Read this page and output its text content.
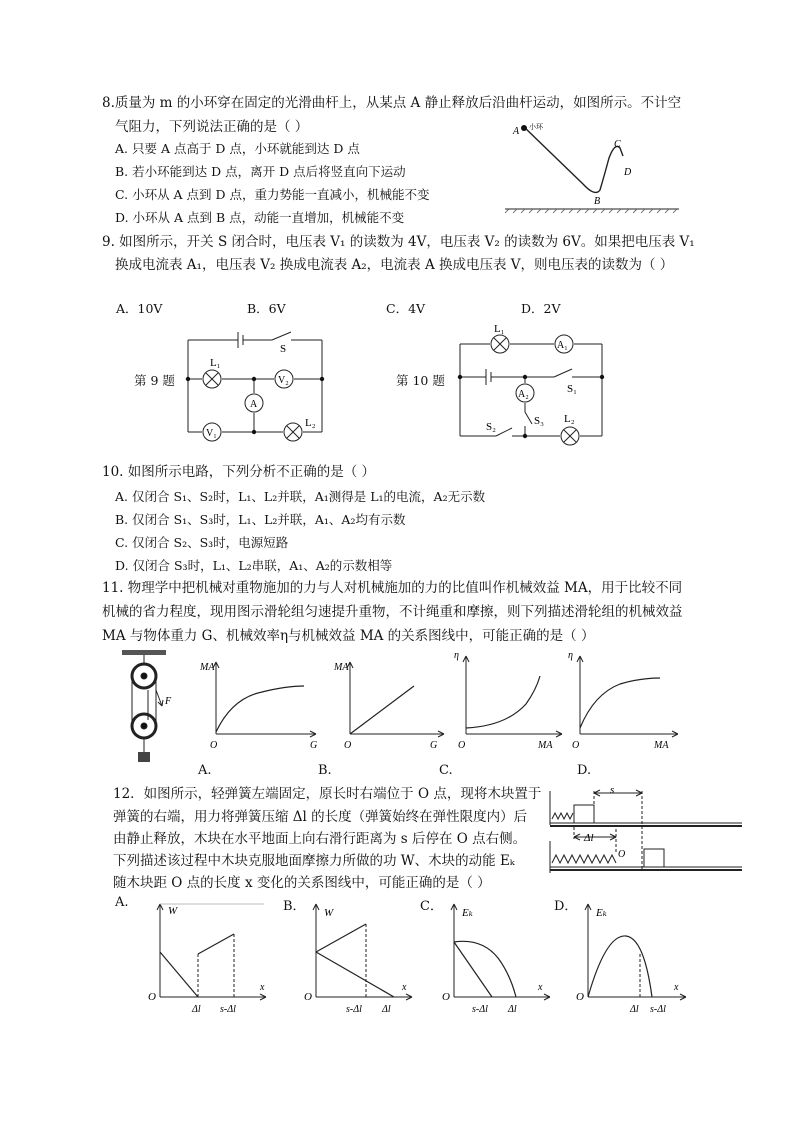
8.质量为 m 的小环穿在固定的光滑曲杆上，从某点 A 静止释放后沿曲杆运动，如图所示。不计空
气阻力，下列说法正确的是（ ）
A. 只要 A 点高于 D 点，小环就能到达 D 点
B. 若小环能到达 D 点，离开 D 点后将竖直向下运动
C. 小环从 A 点到 D 点，重力势能一直减小，机械能不变
D. 小环从 A 点到 B 点，动能一直增加，机械能不变
A 小环
B
C
D
9. 如图所示，开关 S 闭合时，电压表 V₁ 的读数为 4V，电压表 V₂ 的读数为 6V。如果把电压表 V₁
换成电流表 A₁，电压表 V₂ 换成电流表 A₂，电流表 A 换成电压表 V，则电压表的读数为（ ）
A．10V	B．6V	C．4V	D．2V
第 9 题
S
L₁
V₂
A
V₁
L₂
第 10 题
L₁
A₁
A₂	S₁
S₃
S₂
L₂
10. 如图所示电路，下列分析不正确的是（ ）
A. 仅闭合 S₁、S₂时，L₁、L₂并联，A₁测得是 L₁的电流，A₂无示数
B. 仅闭合 S₁、S₃时，L₁、L₂并联，A₁、A₂均有示数
C. 仅闭合 S₂、S₃时，电源短路
D. 仅闭合 S₃时，L₁、L₂串联，A₁、A₂的示数相等
11. 物理学中把机械对重物施加的力与人对机械施加的力的比值叫作机械效益 MA，用于比较不同
机械的省力程度，现用图示滑轮组匀速提升重物，不计绳重和摩擦，则下列描述滑轮组的机械效益
MA 与物体重力 G、机械效率η与机械效益 MA 的关系图线中，可能正确的是（ ）
F
MA
G
O
MA
G
O
η
MA
O
η
MA
O
A.	B.	C.	D.
12．如图所示，轻弹簧左端固定，原长时右端位于 O 点，现将木块置于
弹簧的右端，用力将弹簧压缩 Δl 的长度（弹簧始终在弹性限度内）后
由静止释放，木块在水平地面上向右滑行距离为 s 后停在 O 点右侧。
下列描述该过程中木块克服地面摩擦力所做的功 W、木块的动能 Eₖ
随木块距 O 点的长度 x 变化的关系图线中，可能正确的是（ ）
s
Δl
O
A.	B．	C．	D．
W
x
O
Δl s-Δl
W
x
O
s-Δl Δl
Eₖ
x
O
s-Δl Δl
Eₖ
x
O
Δl s-Δl
